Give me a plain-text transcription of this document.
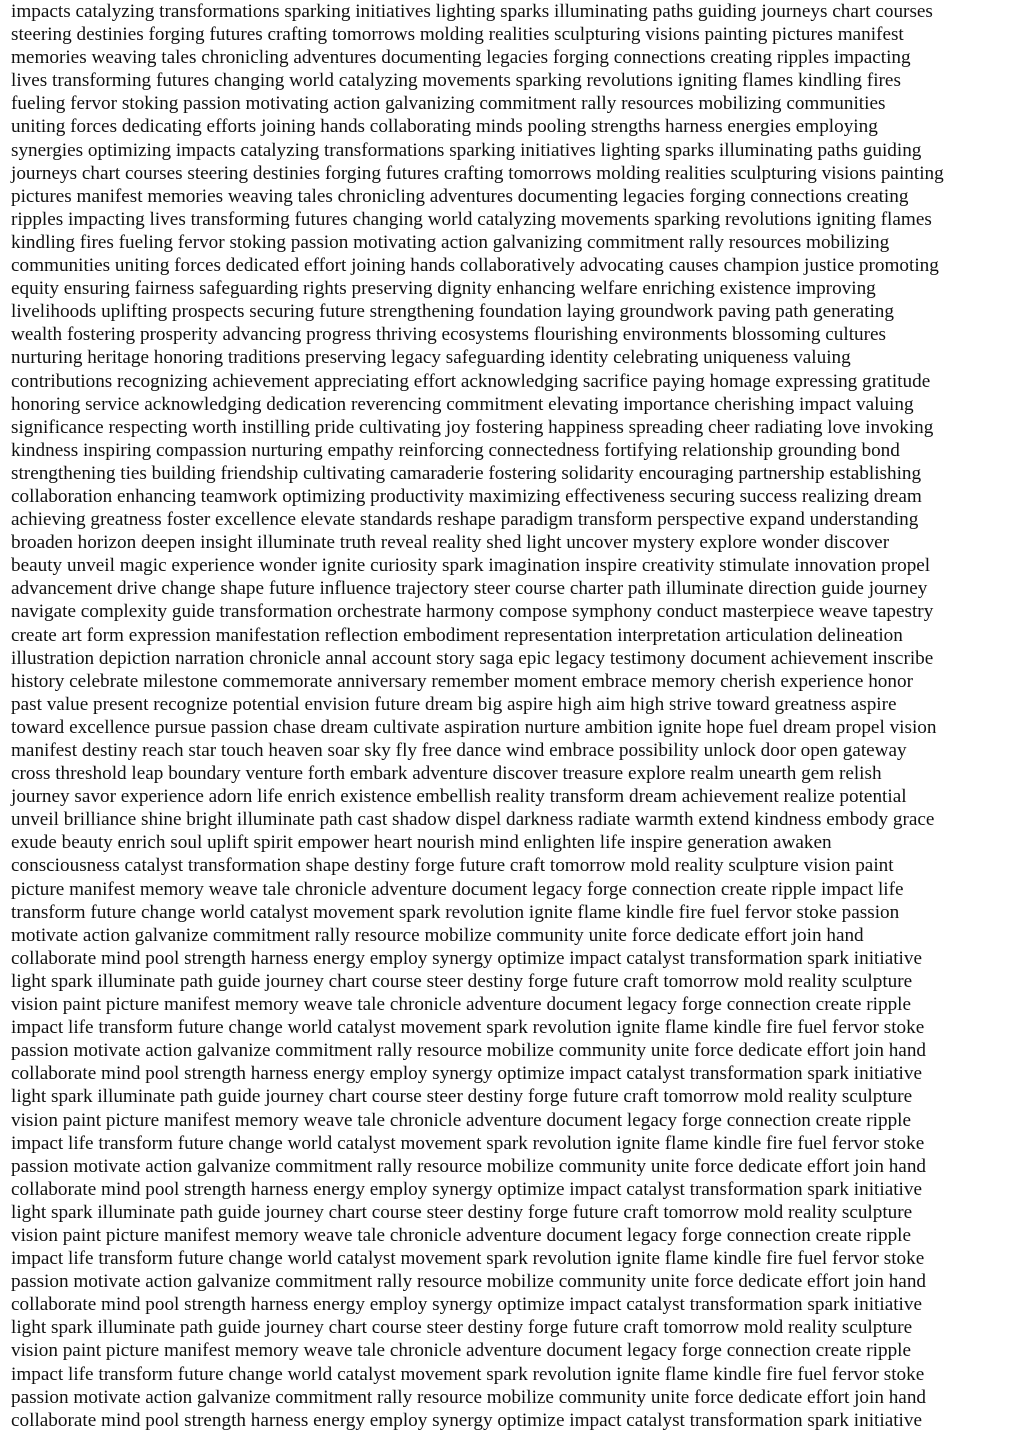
impacts catalyzing transformations sparking initiatives lighting sparks illuminating paths guiding journeys chart courses
steering destinies forging futures crafting tomorrows molding realities sculpturing visions painting pictures manifest
memories weaving tales chronicling adventures documenting legacies forging connections creating ripples impacting
lives transforming futures changing world catalyzing movements sparking revolutions igniting flames kindling fires
fueling fervor stoking passion motivating action galvanizing commitment rally resources mobilizing communities
uniting forces dedicating efforts joining hands collaborating minds pooling strengths harness energies employing
synergies optimizing impacts catalyzing transformations sparking initiatives lighting sparks illuminating paths guiding
journeys chart courses steering destinies forging futures crafting tomorrows molding realities sculpturing visions painting
pictures manifest memories weaving tales chronicling adventures documenting legacies forging connections creating
ripples impacting lives transforming futures changing world catalyzing movements sparking revolutions igniting flames
kindling fires fueling fervor stoking passion motivating action galvanizing commitment rally resources mobilizing
communities uniting forces dedicated effort joining hands collaboratively advocating causes champion justice promoting
equity ensuring fairness safeguarding rights preserving dignity enhancing welfare enriching existence improving
livelihoods uplifting prospects securing future strengthening foundation laying groundwork paving path generating
wealth fostering prosperity advancing progress thriving ecosystems flourishing environments blossoming cultures
nurturing heritage honoring traditions preserving legacy safeguarding identity celebrating uniqueness valuing
contributions recognizing achievement appreciating effort acknowledging sacrifice paying homage expressing gratitude
honoring service acknowledging dedication reverencing commitment elevating importance cherishing impact valuing
significance respecting worth instilling pride cultivating joy fostering happiness spreading cheer radiating love invoking
kindness inspiring compassion nurturing empathy reinforcing connectedness fortifying relationship grounding bond
strengthening ties building friendship cultivating camaraderie fostering solidarity encouraging partnership establishing
collaboration enhancing teamwork optimizing productivity maximizing effectiveness securing success realizing dream
achieving greatness foster excellence elevate standards reshape paradigm transform perspective expand understanding
broaden horizon deepen insight illuminate truth reveal reality shed light uncover mystery explore wonder discover
beauty unveil magic experience wonder ignite curiosity spark imagination inspire creativity stimulate innovation propel
advancement drive change shape future influence trajectory steer course charter path illuminate direction guide journey
navigate complexity guide transformation orchestrate harmony compose symphony conduct masterpiece weave tapestry
create art form expression manifestation reflection embodiment representation interpretation articulation delineation
illustration depiction narration chronicle annal account story saga epic legacy testimony document achievement inscribe
history celebrate milestone commemorate anniversary remember moment embrace memory cherish experience honor
past value present recognize potential envision future dream big aspire high aim high strive toward greatness aspire
toward excellence pursue passion chase dream cultivate aspiration nurture ambition ignite hope fuel dream propel vision
manifest destiny reach star touch heaven soar sky fly free dance wind embrace possibility unlock door open gateway
cross threshold leap boundary venture forth embark adventure discover treasure explore realm unearth gem relish
journey savor experience adorn life enrich existence embellish reality transform dream achievement realize potential
unveil brilliance shine bright illuminate path cast shadow dispel darkness radiate warmth extend kindness embody grace
exude beauty enrich soul uplift spirit empower heart nourish mind enlighten life inspire generation awaken
consciousness catalyst transformation shape destiny forge future craft tomorrow mold reality sculpture vision paint
picture manifest memory weave tale chronicle adventure document legacy forge connection create ripple impact life
transform future change world catalyst movement spark revolution ignite flame kindle fire fuel fervor stoke passion
motivate action galvanize commitment rally resource mobilize community unite force dedicate effort join hand
collaborate mind pool strength harness energy employ synergy optimize impact catalyst transformation spark initiative
light spark illuminate path guide journey chart course steer destiny forge future craft tomorrow mold reality sculpture
vision paint picture manifest memory weave tale chronicle adventure document legacy forge connection create ripple
impact life transform future change world catalyst movement spark revolution ignite flame kindle fire fuel fervor stoke
passion motivate action galvanize commitment rally resource mobilize community unite force dedicate effort join hand
collaborate mind pool strength harness energy employ synergy optimize impact catalyst transformation spark initiative
light spark illuminate path guide journey chart course steer destiny forge future craft tomorrow mold reality sculpture
vision paint picture manifest memory weave tale chronicle adventure document legacy forge connection create ripple
impact life transform future change world catalyst movement spark revolution ignite flame kindle fire fuel fervor stoke
passion motivate action galvanize commitment rally resource mobilize community unite force dedicate effort join hand
collaborate mind pool strength harness energy employ synergy optimize impact catalyst transformation spark initiative
light spark illuminate path guide journey chart course steer destiny forge future craft tomorrow mold reality sculpture
vision paint picture manifest memory weave tale chronicle adventure document legacy forge connection create ripple
impact life transform future change world catalyst movement spark revolution ignite flame kindle fire fuel fervor stoke
passion motivate action galvanize commitment rally resource mobilize community unite force dedicate effort join hand
collaborate mind pool strength harness energy employ synergy optimize impact catalyst transformation spark initiative
light spark illuminate path guide journey chart course steer destiny forge future craft tomorrow mold reality sculpture
vision paint picture manifest memory weave tale chronicle adventure document legacy forge connection create ripple
impact life transform future change world catalyst movement spark revolution ignite flame kindle fire fuel fervor stoke
passion motivate action galvanize commitment rally resource mobilize community unite force dedicate effort join hand
collaborate mind pool strength harness energy employ synergy optimize impact catalyst transformation spark initiative
